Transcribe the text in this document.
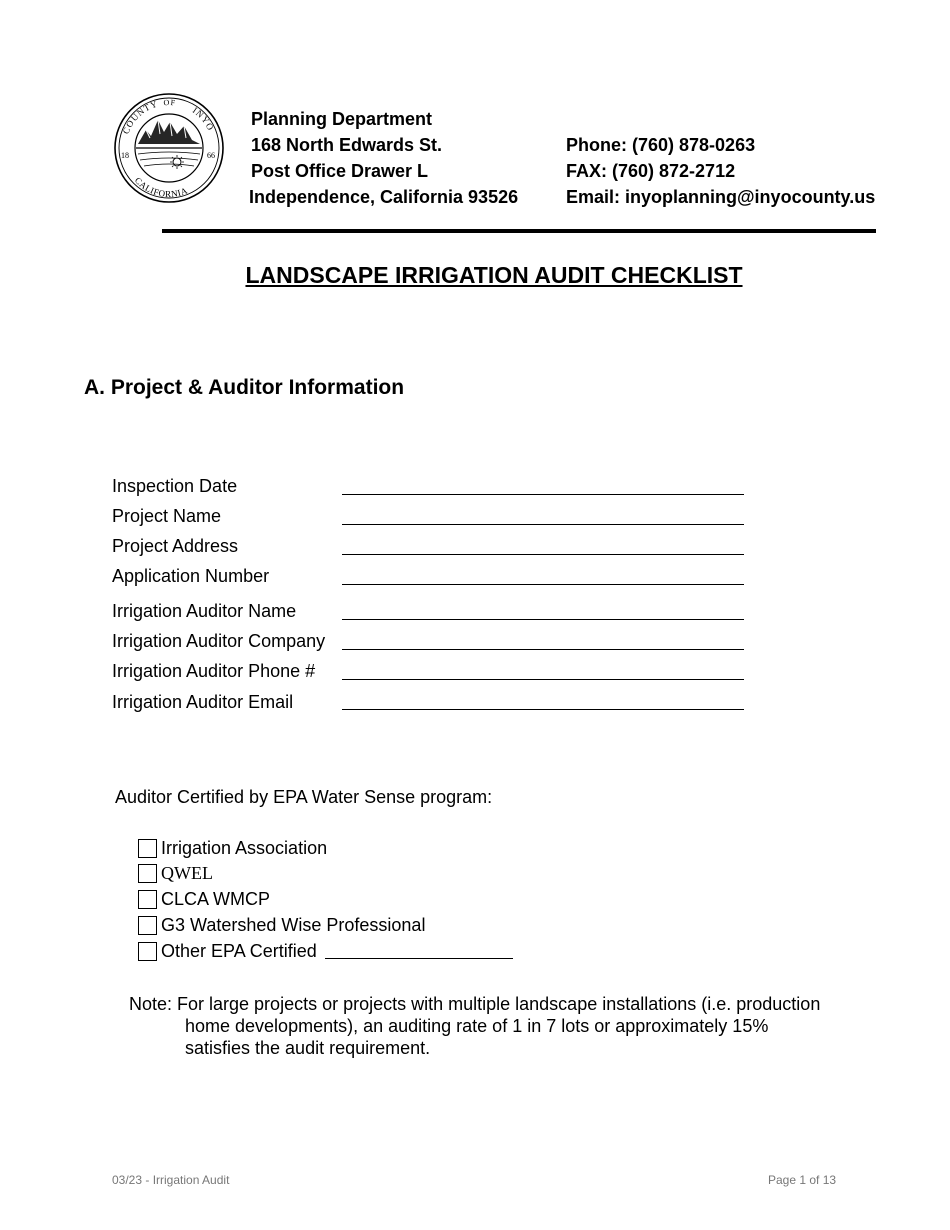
COUNTY OF
INYO
CALIFORNIA
18	66
Planning Department
168 North Edwards St.
Post Office Drawer L
Independence, California 93526
Phone: (760) 878-0263
FAX: (760) 872-2712
Email: inyoplanning@inyocounty.us
LANDSCAPE IRRIGATION AUDIT CHECKLIST
A. Project & Auditor Information
Inspection Date
Project Name
Project Address
Application Number
Irrigation Auditor Name
Irrigation Auditor Company
Irrigation Auditor Phone #
Irrigation Auditor Email
Auditor Certified by EPA Water Sense program:
Irrigation Association
QWEL
CLCA WMCP
G3 Watershed Wise Professional
Other EPA Certified
Note: For large projects or projects with multiple landscape installations (i.e. production
home developments), an auditing rate of 1 in 7 lots or approximately 15%
satisfies the audit requirement.
03/23 - Irrigation Audit	Page 1 of 13
